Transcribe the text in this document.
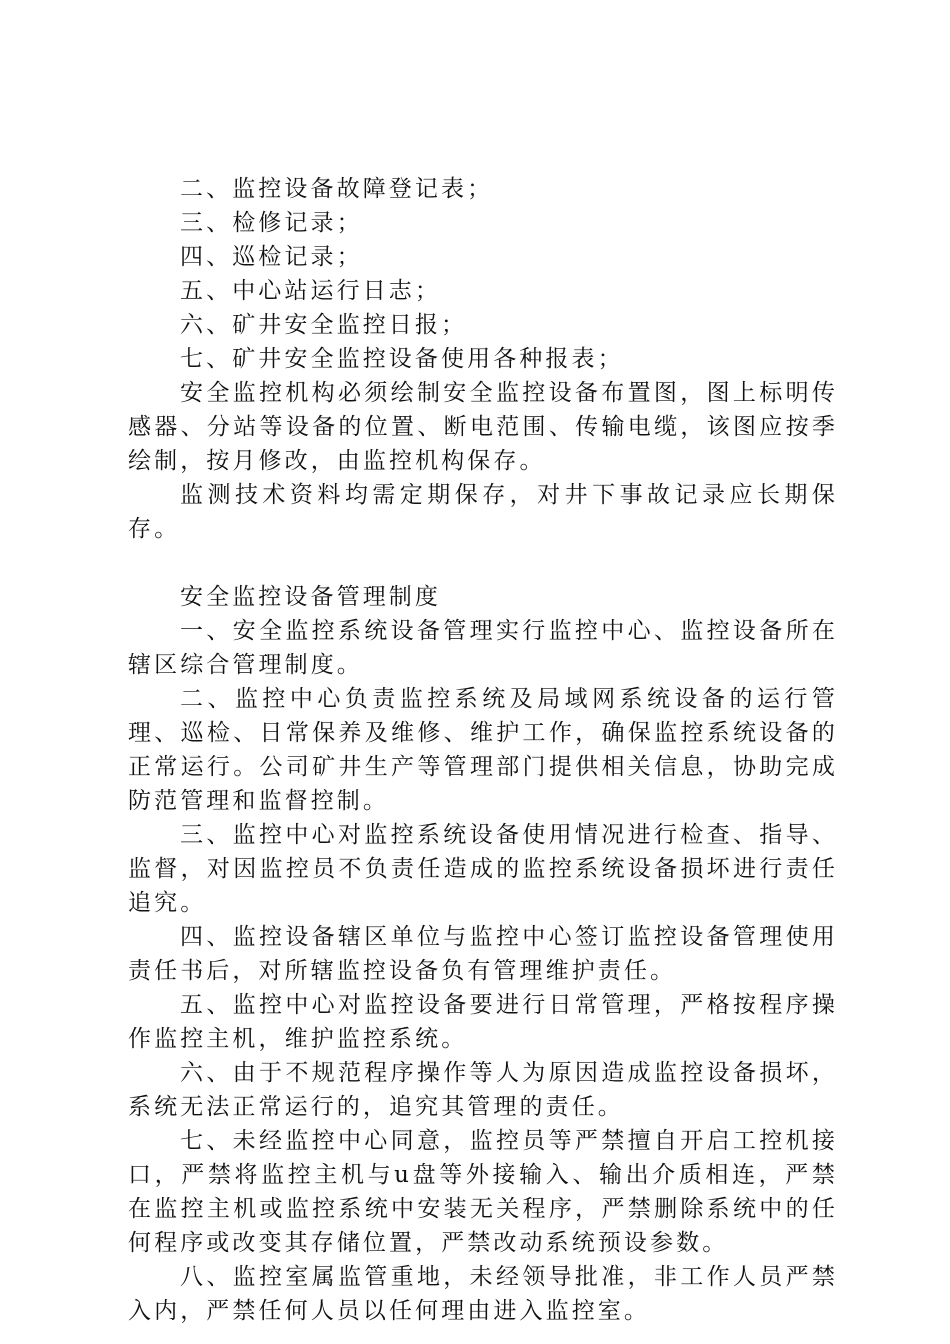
二、监控设备故障登记表；

三、检修记录；

四、巡检记录；

五、中心站运行日志；

六、矿井安全监控日报；

七、矿井安全监控设备使用各种报表；

安全监控机构必须绘制安全监控设备布置图，图上标明传感器、分站等设备的位置、断电范围、传输电缆，该图应按季绘制，按月修改，由监控机构保存。

监测技术资料均需定期保存，对井下事故记录应长期保存。

安全监控设备管理制度

一、安全监控系统设备管理实行监控中心、监控设备所在辖区综合管理制度。

二、监控中心负责监控系统及局域网系统设备的运行管理、巡检、日常保养及维修、维护工作，确保监控系统设备的正常运行。公司矿井生产等管理部门提供相关信息，协助完成防范管理和监督控制。

三、监控中心对监控系统设备使用情况进行检查、指导、监督，对因监控员不负责任造成的监控系统设备损坏进行责任追究。

四、监控设备辖区单位与监控中心签订监控设备管理使用责任书后，对所辖监控设备负有管理维护责任。

五、监控中心对监控设备要进行日常管理，严格按程序操作监控主机，维护监控系统。

六、由于不规范程序操作等人为原因造成监控设备损坏，系统无法正常运行的，追究其管理的责任。

七、未经监控中心同意，监控员等严禁擅自开启工控机接口，严禁将监控主机与u盘等外接输入、输出介质相连，严禁在监控主机或监控系统中安装无关程序，严禁删除系统中的任何程序或改变其存储位置，严禁改动系统预设参数。

八、监控室属监管重地，未经领导批准，非工作人员严禁入内，严禁任何人员以任何理由进入监控室。
